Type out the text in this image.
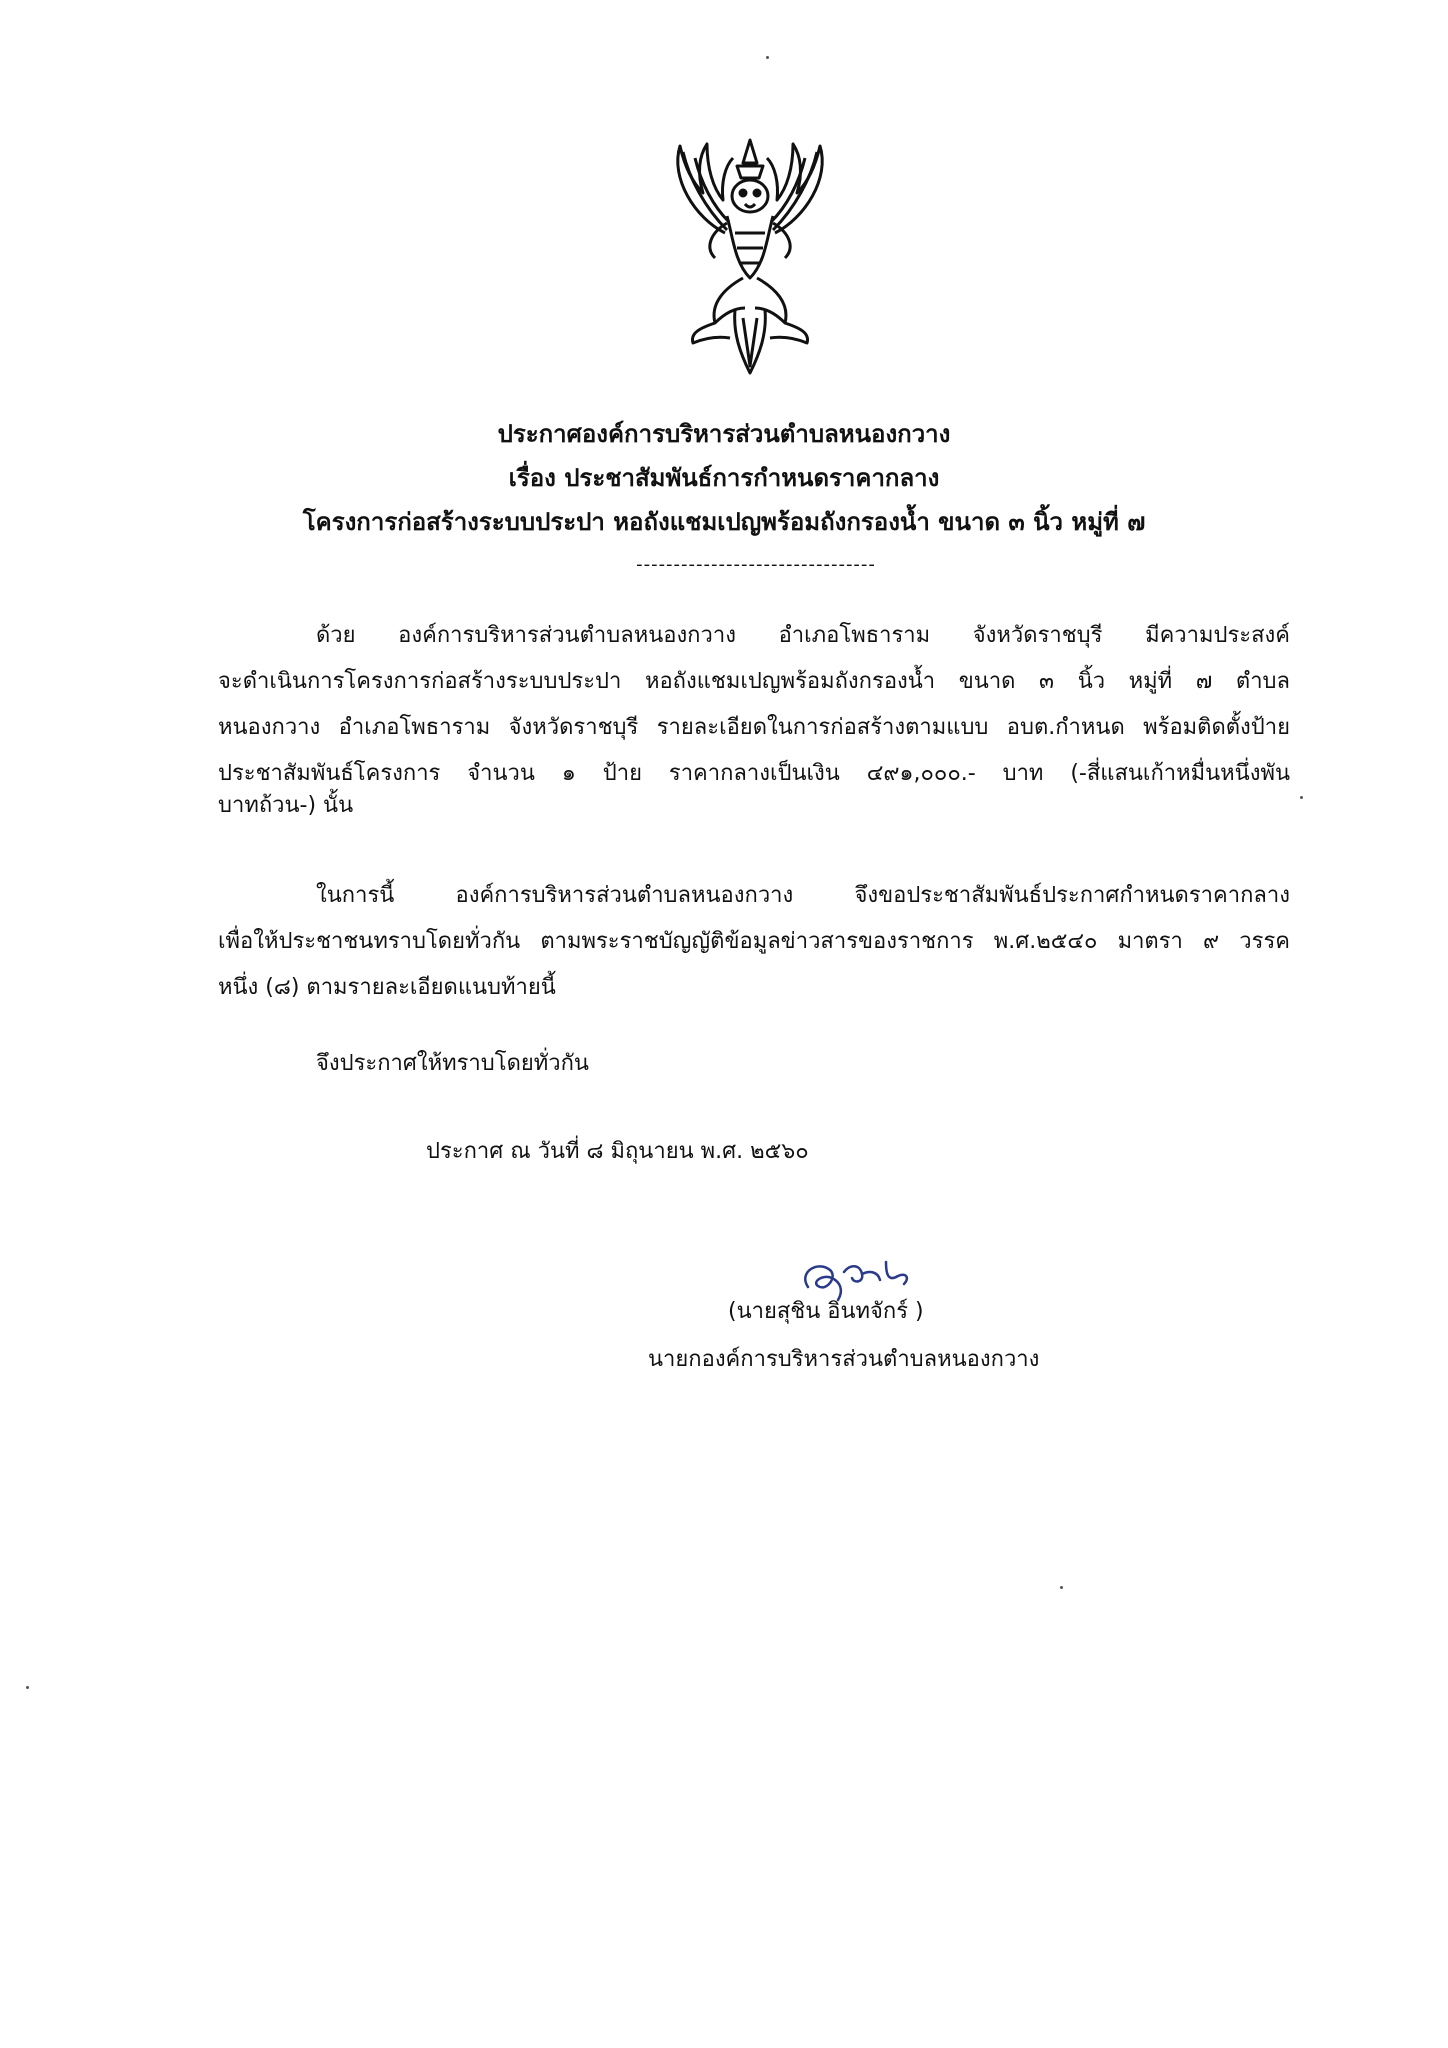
ประกาศองค์การบริหารส่วนตำบลหนองกวาง
เรื่อง ประชาสัมพันธ์การกำหนดราคากลาง
โครงการก่อสร้างระบบประปา หอถังแชมเปญพร้อมถังกรองน้ำ ขนาด ๓ นิ้ว หมู่ที่ ๗
--------------------------------
ด้วย องค์การบริหารส่วนตำบลหนองกวาง อำเภอโพธาราม จังหวัดราชบุรี มีความประสงค์
จะดำเนินการโครงการก่อสร้างระบบประปา หอถังแชมเปญพร้อมถังกรองน้ำ ขนาด ๓ นิ้ว หมู่ที่ ๗ ตำบล
หนองกวาง อำเภอโพธาราม จังหวัดราชบุรี รายละเอียดในการก่อสร้างตามแบบ อบต.กำหนด พร้อมติดตั้งป้าย
ประชาสัมพันธ์โครงการ จำนวน ๑ ป้าย ราคากลางเป็นเงิน ๔๙๑,๐๐๐.- บาท (-สี่แสนเก้าหมื่นหนึ่งพัน
บาทถ้วน-) นั้น
ในการนี้ องค์การบริหารส่วนตำบลหนองกวาง จึงขอประชาสัมพันธ์ประกาศกำหนดราคากลาง
เพื่อให้ประชาชนทราบโดยทั่วกัน ตามพระราชบัญญัติข้อมูลข่าวสารของราชการ พ.ศ.๒๕๔๐ มาตรา ๙ วรรค
หนึ่ง (๘) ตามรายละเอียดแนบท้ายนี้
จึงประกาศให้ทราบโดยทั่วกัน
ประกาศ ณ วันที่ ๘ มิถุนายน พ.ศ. ๒๕๖๐
(นายสุชิน อินทจักร์ )
นายกองค์การบริหารส่วนตำบลหนองกวาง
